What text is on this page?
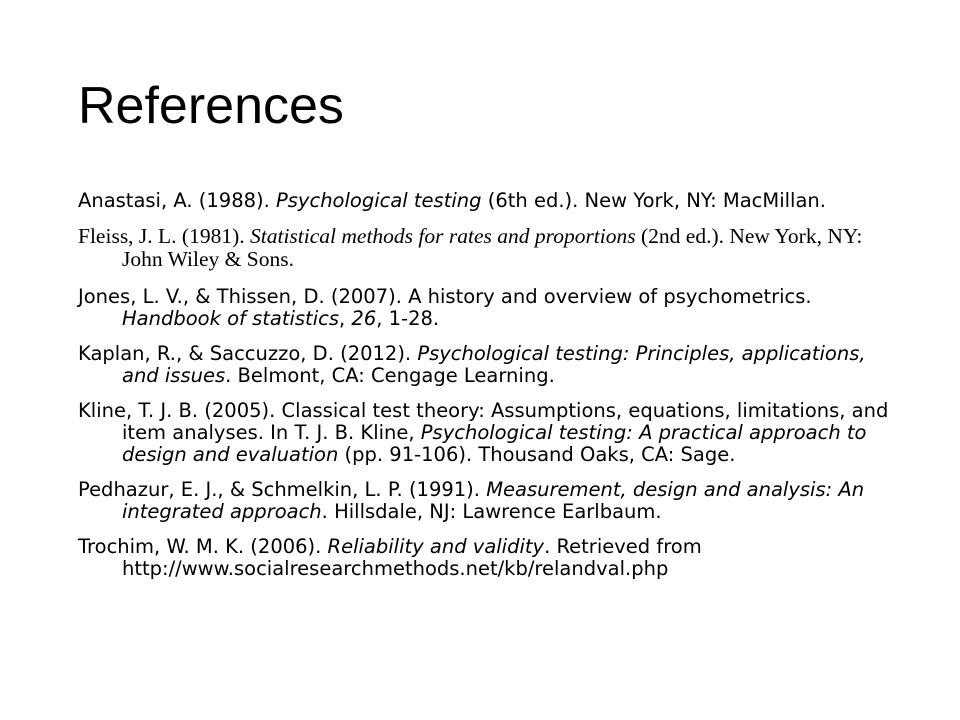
References
Anastasi, A. (1988). Psychological testing (6th ed.). New York, NY: MacMillan.
Fleiss, J. L. (1981). Statistical methods for rates and proportions (2nd ed.). New York, NY: John Wiley & Sons.
Jones, L. V., & Thissen, D. (2007). A history and overview of psychometrics. Handbook of statistics, 26, 1-28.
Kaplan, R., & Saccuzzo, D. (2012). Psychological testing: Principles, applications, and issues. Belmont, CA: Cengage Learning.
Kline, T. J. B. (2005). Classical test theory: Assumptions, equations, limitations, and item analyses. In T. J. B. Kline, Psychological testing: A practical approach to design and evaluation (pp. 91-106). Thousand Oaks, CA: Sage.
Pedhazur, E. J., & Schmelkin, L. P. (1991). Measurement, design and analysis: An integrated approach. Hillsdale, NJ: Lawrence Earlbaum.
Trochim, W. M. K. (2006). Reliability and validity. Retrieved from http://www.socialresearchmethods.net/kb/relandval.php
